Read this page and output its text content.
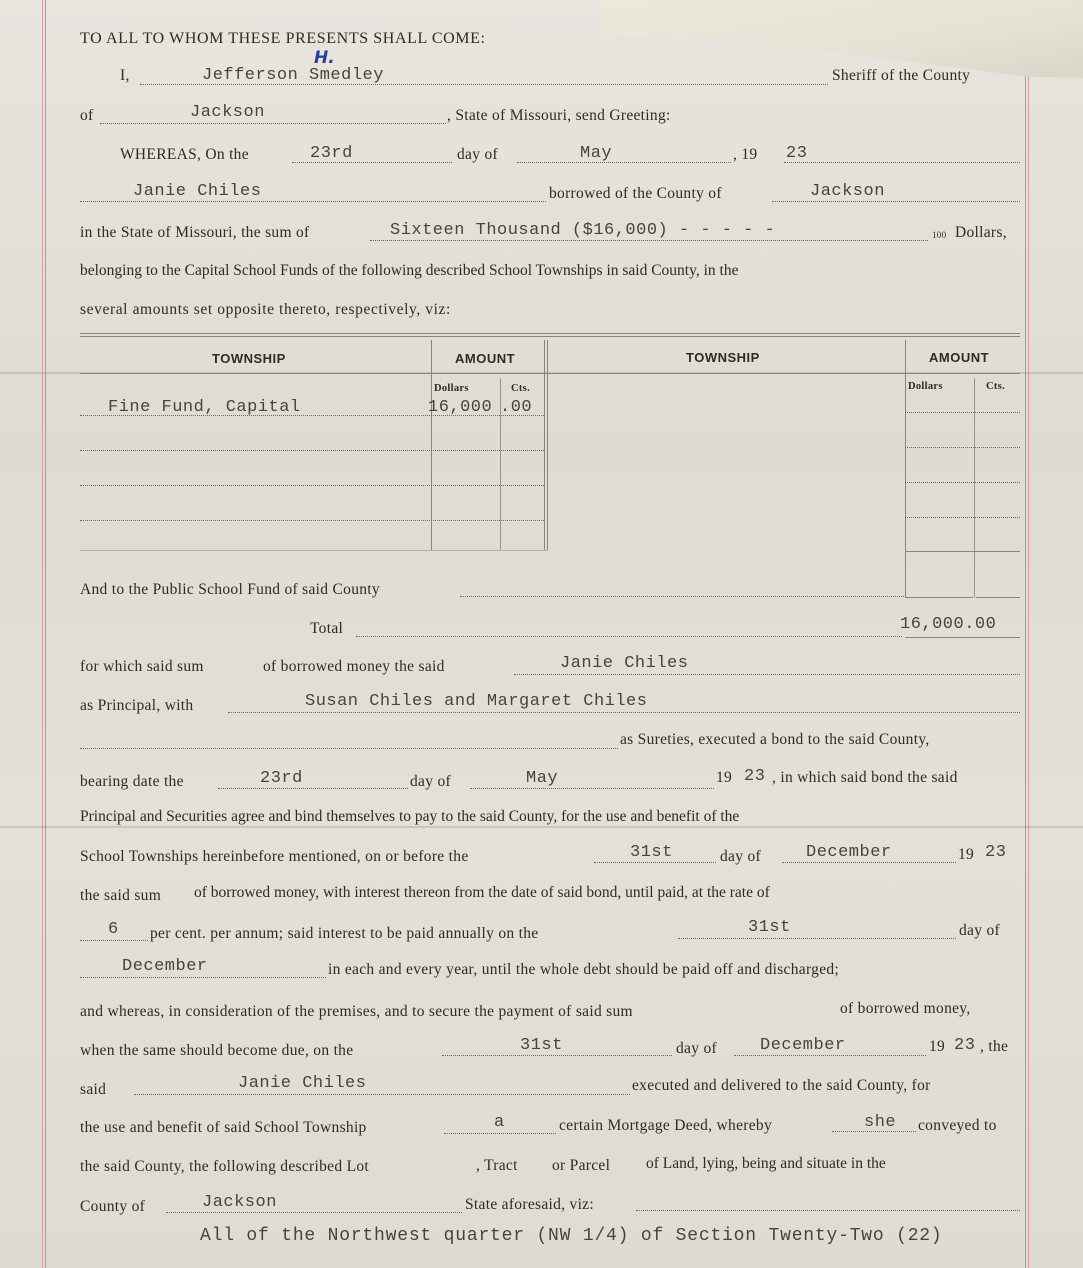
TO ALL TO WHOM THESE PRESENTS SHALL COME:
I,	Jefferson Smedley
H.
Sheriff of the County
of	Jackson	, State of Missouri, send Greeting:
WHEREAS, On the	23rd	day of	May	, 19 23
Janie Chiles	borrowed of the County of	Jackson
in the State of Missouri, the sum of	Sixteen Thousand ($16,000) - - - - -	100 Dollars,
belonging to the Capital School Funds of the following described School Townships in said County, in the
several amounts set opposite thereto, respectively, viz:
TOWNSHIP	AMOUNT	TOWNSHIP	AMOUNT
Dollars	Cts.	Dollars	Cts.
Fine Fund, Capital	16,000 .00
And to the Public School Fund of said County
Total	16,000.00
for which said sum	of borrowed money the said	Janie Chiles
as Principal, with	Susan Chiles and Margaret Chiles
as Sureties, executed a bond to the said County,
bearing date the	23rd	day of	May	19 23 , in which said bond the said
Principal and Securities agree and bind themselves to pay to the said County, for the use and benefit of the
School Townships hereinbefore mentioned, on or before the	31st	day of	December	19 23
the said sum of borrowed money, with interest thereon from the date of said bond, until paid, at the rate of
6 per cent. per annum; said interest to be paid annually on the	31st	day of
December	in each and every year, until the whole debt should be paid off and discharged;
and whereas, in consideration of the premises, and to secure the payment of said sum	of borrowed money,
when the same should become due, on the	31st	day of	December	19 23 , the
said	Janie Chiles	executed and delivered to the said County, for
the use and benefit of said School Township	a	certain Mortgage Deed, whereby	she conveyed to
the said County, the following described Lot	, Tract or Parcel of Land, lying, being and situate in the
County of	Jackson	State aforesaid, viz:
All of the Northwest quarter (NW 1/4) of Section Twenty-Two (22)
